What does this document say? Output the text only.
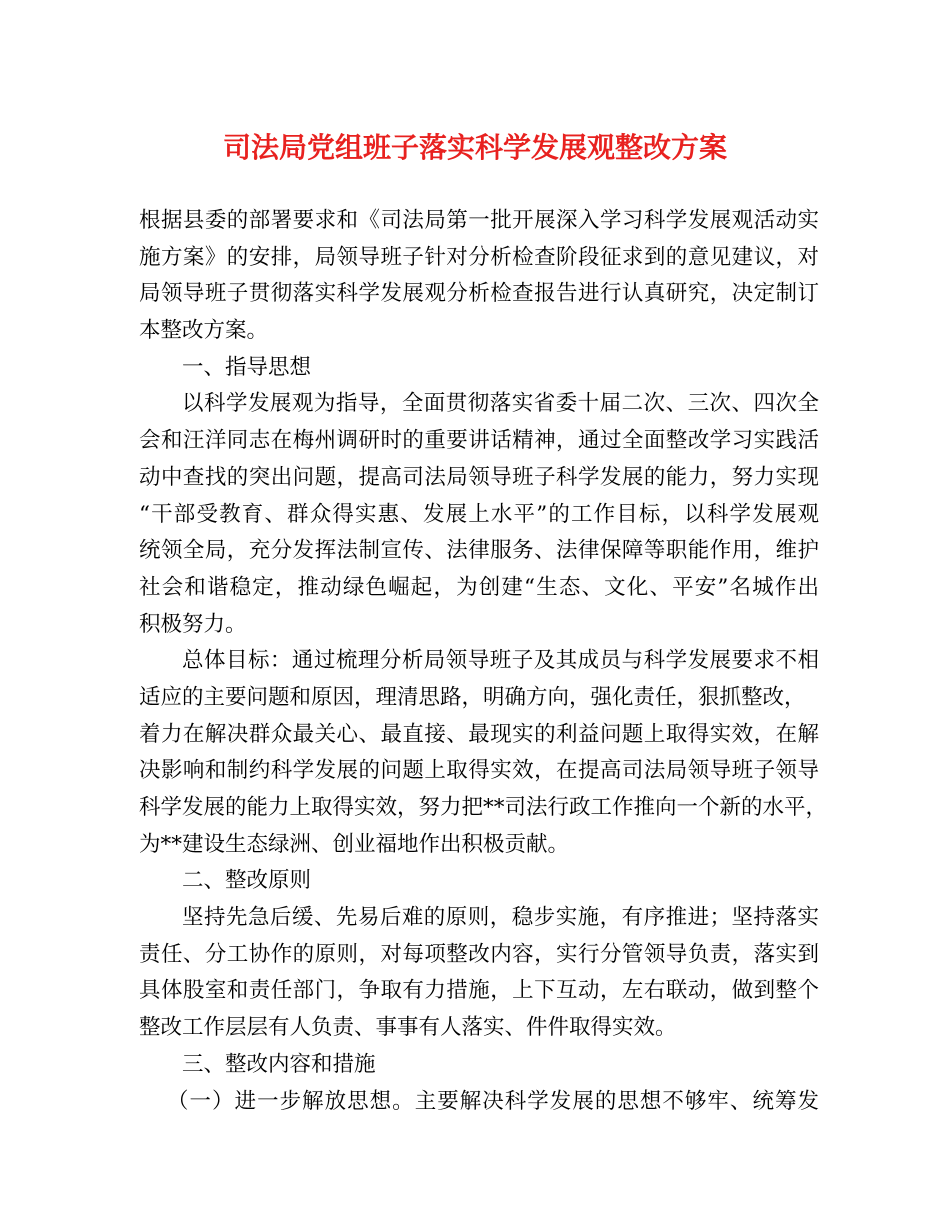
司法局党组班子落实科学发展观整改方案
根据县委的部署要求和《司法局第一批开展深入学习科学发展观活动实
施方案》的安排，局领导班子针对分析检查阶段征求到的意见建议，对
局领导班子贯彻落实科学发展观分析检查报告进行认真研究，决定制订
本整改方案。
一、指导思想
以科学发展观为指导，全面贯彻落实省委十届二次、三次、四次全
会和汪洋同志在梅州调研时的重要讲话精神，通过全面整改学习实践活
动中查找的突出问题，提高司法局领导班子科学发展的能力，努力实现
“干部受教育、群众得实惠、发展上水平”的工作目标，以科学发展观
统领全局，充分发挥法制宣传、法律服务、法律保障等职能作用，维护
社会和谐稳定，推动绿色崛起，为创建“生态、文化、平安”名城作出
积极努力。
总体目标：通过梳理分析局领导班子及其成员与科学发展要求不相
适应的主要问题和原因，理清思路，明确方向，强化责任，狠抓整改，
着力在解决群众最关心、最直接、最现实的利益问题上取得实效，在解
决影响和制约科学发展的问题上取得实效，在提高司法局领导班子领导
科学发展的能力上取得实效，努力把**司法行政工作推向一个新的水平，
为**建设生态绿洲、创业福地作出积极贡献。
二、整改原则
坚持先急后缓、先易后难的原则，稳步实施，有序推进；坚持落实
责任、分工协作的原则，对每项整改内容，实行分管领导负责，落实到
具体股室和责任部门，争取有力措施，上下互动，左右联动，做到整个
整改工作层层有人负责、事事有人落实、件件取得实效。
三、整改内容和措施
（一）进一步解放思想。主要解决科学发展的思想不够牢、统筹发
